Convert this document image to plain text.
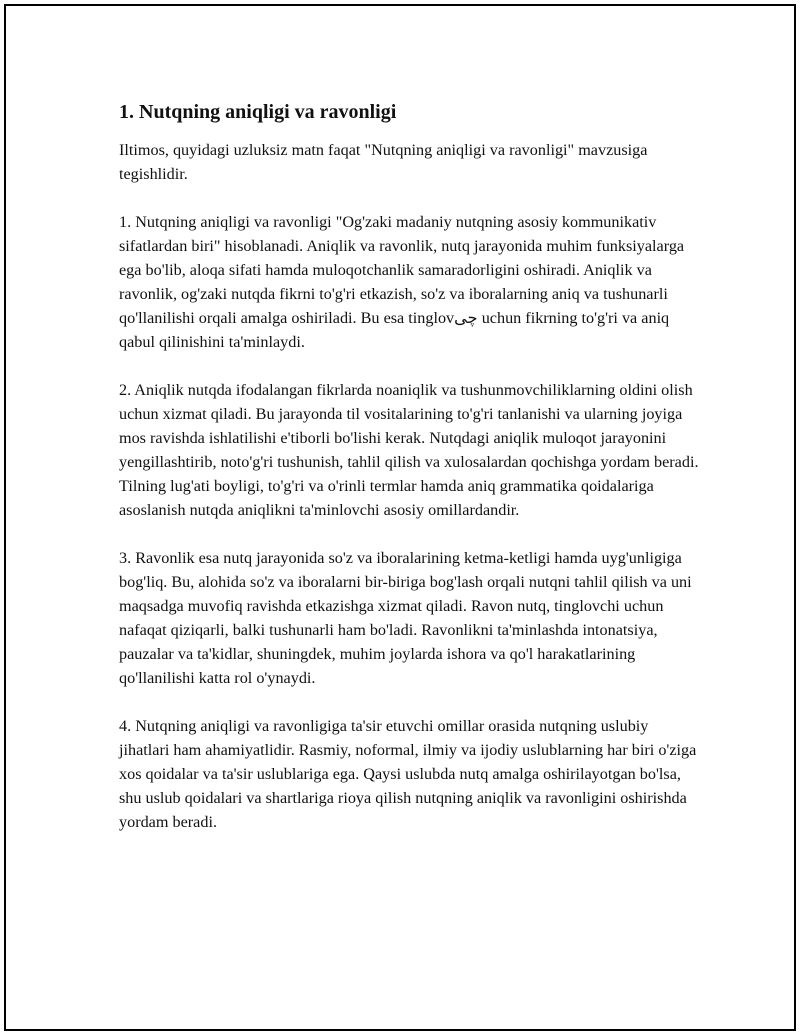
1. Nutqning aniqligi va ravonligi

Iltimos, quyidagi uzluksiz matn faqat "Nutqning aniqligi va ravonligi" mavzusiga tegishlidir.

1. Nutqning aniqligi va ravonligi "Og'zaki madaniy nutqning asosiy kommunikativ sifatlardan biri" hisoblanadi. Aniqlik va ravonlik, nutq jarayonida muhim funksiyalarga ega bo'lib, aloqa sifati hamda muloqotchanlik samaradorligini oshiradi. Aniqlik va ravonlik, og'zaki nutqda fikrni to'g'ri etkazish, so'z va iboralarning aniq va tushunarli qo'llanilishi orqali amalga oshiriladi. Bu esa tinglovچی uchun fikrning to'g'ri va aniq qabul qilinishini ta'minlaydi.

2. Aniqlik nutqda ifodalangan fikrlarda noaniqlik va tushunmovchiliklarning oldini olish uchun xizmat qiladi. Bu jarayonda til vositalarining to'g'ri tanlanishi va ularning joyiga mos ravishda ishlatilishi e'tiborli bo'lishi kerak. Nutqdagi aniqlik muloqot jarayonini yengillashtirib, noto'g'ri tushunish, tahlil qilish va xulosalardan qochishga yordam beradi. Tilning lug'ati boyligi, to'g'ri va o'rinli termlar hamda aniq grammatika qoidalariga asoslanish nutqda aniqlikni ta'minlovchi asosiy omillardandir.

3. Ravonlik esa nutq jarayonida so'z va iboralarining ketma-ketligi hamda uyg'unligiga bog'liq. Bu, alohida so'z va iboralarni bir-biriga bog'lash orqali nutqni tahlil qilish va uni maqsadga muvofiq ravishda etkazishga xizmat qiladi. Ravon nutq, tinglovchi uchun nafaqat qiziqarli, balki tushunarli ham bo'ladi. Ravonlikni ta'minlashda intonatsiya, pauzalar va ta'kidlar, shuningdek, muhim joylarda ishora va qo'l harakatlarining qo'llanilishi katta rol o'ynaydi.

4. Nutqning aniqligi va ravonligiga ta'sir etuvchi omillar orasida nutqning uslubiy jihatlari ham ahamiyatlidir. Rasmiy, noformal, ilmiy va ijodiy uslublarning har biri o'ziga xos qoidalar va ta'sir uslublariga ega. Qaysi uslubda nutq amalga oshirilayotgan bo'lsa, shu uslub qoidalari va shartlariga rioya qilish nutqning aniqlik va ravonligini oshirishda yordam beradi.
